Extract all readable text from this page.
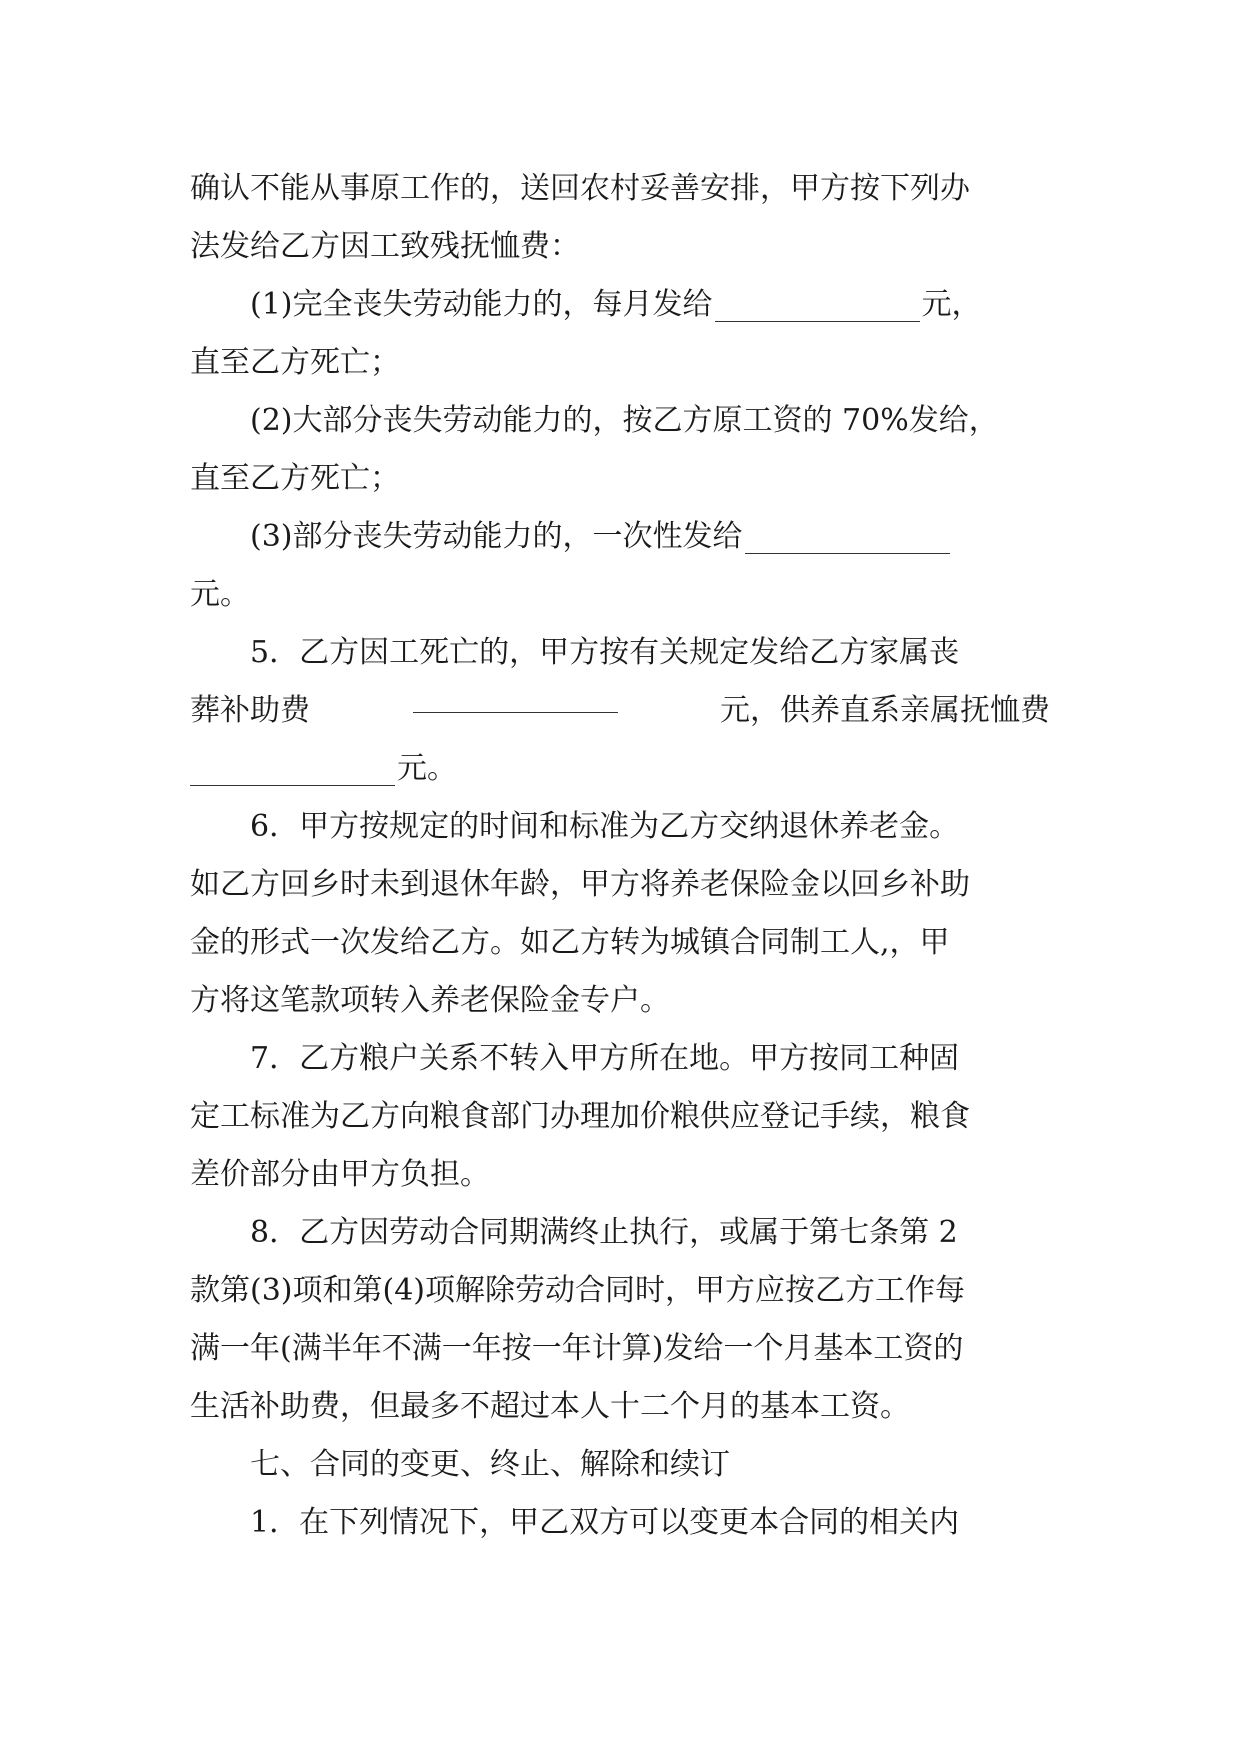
确认不能从事原工作的，送回农村妥善安排，甲方按下列办
法发给乙方因工致残抚恤费：
(1)完全丧失劳动能力的，每月发给	元，
直至乙方死亡；
(2)大部分丧失劳动能力的，按乙方原工资的 70%发给，
直至乙方死亡；
(3)部分丧失劳动能力的，一次性发给
元。
5．乙方因工死亡的，甲方按有关规定发给乙方家属丧
葬补助费	元，供养直系亲属抚恤费
元。
6．甲方按规定的时间和标准为乙方交纳退休养老金。
如乙方回乡时未到退休年龄，甲方将养老保险金以回乡补助
金的形式一次发给乙方。如乙方转为城镇合同制工人,，甲
方将这笔款项转入养老保险金专户。
7．乙方粮户关系不转入甲方所在地。甲方按同工种固
定工标准为乙方向粮食部门办理加价粮供应登记手续，粮食
差价部分由甲方负担。
8．乙方因劳动合同期满终止执行，或属于第七条第 2
款第(3)项和第(4)项解除劳动合同时，甲方应按乙方工作每
满一年(满半年不满一年按一年计算)发给一个月基本工资的
生活补助费，但最多不超过本人十二个月的基本工资。
七、合同的变更、终止、解除和续订
1．在下列情况下，甲乙双方可以变更本合同的相关内
